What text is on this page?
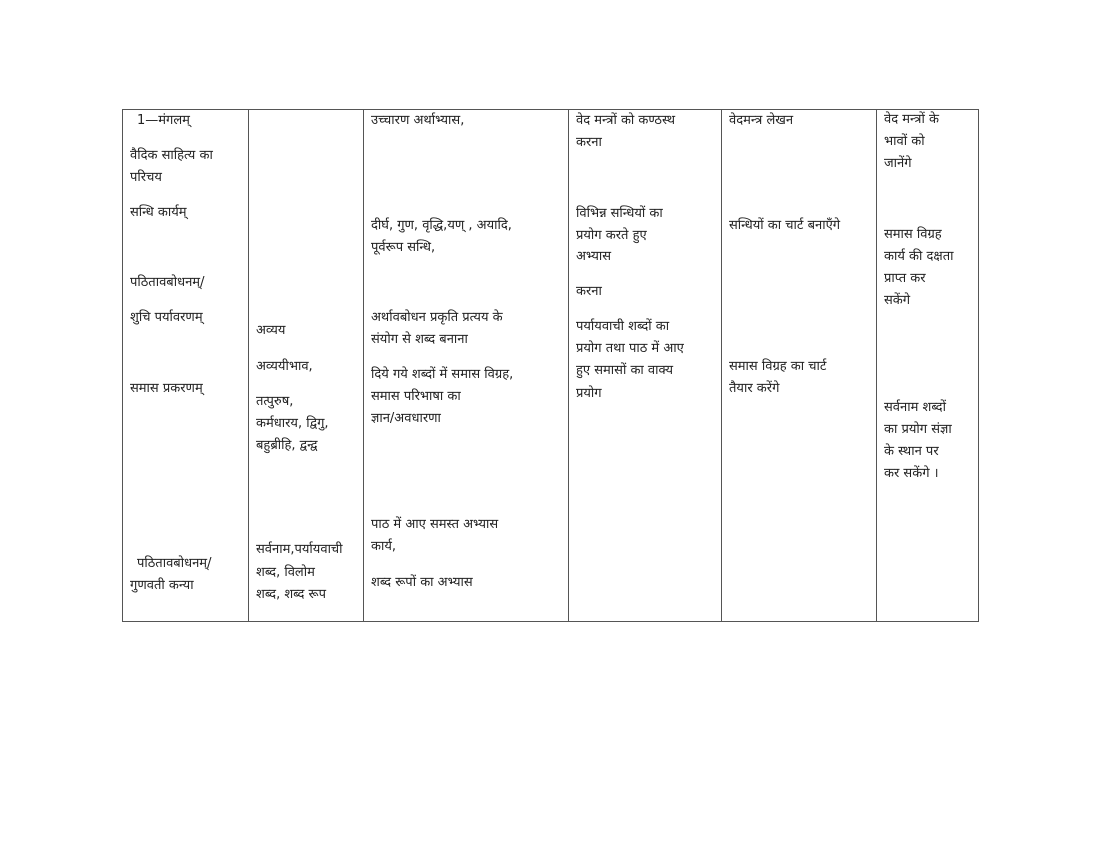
1—मंगलम्
वैदिक साहित्य का
परिचय
सन्धि कार्यम्
पठितावबोधनम्/
शुचि पर्यावरणम्
समास प्रकरणम्
पठितावबोधनम्/
गुणवती कन्या

अव्यय
अव्ययीभाव,
तत्पुरुष,
कर्मधारय, द्विगु,
बहुब्रीहि, द्वन्द्व
सर्वनाम,पर्यायवाची
शब्द, विलोम
शब्द, शब्द रूप

उच्चारण अर्थाभ्यास,
दीर्घ, गुण, वृद्धि,यण् , अयादि,
पूर्वरूप सन्धि,
अर्थावबोधन प्रकृति प्रत्यय के
संयोग से शब्द बनाना
दिये गये शब्दों में समास विग्रह,
समास परिभाषा का
ज्ञान/अवधारणा
पाठ में आए समस्त अभ्यास
कार्य,
शब्द रूपों का अभ्यास

वेद मन्त्रों को कण्ठस्थ
करना
विभिन्न सन्धियों का
प्रयोग करते हुए
अभ्यास
करना
पर्यायवाची शब्दों का
प्रयोग तथा पाठ में आए
हुए समासों का वाक्य
प्रयोग

वेदमन्त्र लेखन
सन्धियों का चार्ट बनाएँगे
समास विग्रह का चार्ट
तैयार करेंगे

वेद मन्त्रों के
भावों को
जानेंगे
समास विग्रह
कार्य की दक्षता
प्राप्त कर
सकेंगे
सर्वनाम शब्दों
का प्रयोग संज्ञा
के स्थान पर
कर सकेंगे ।
